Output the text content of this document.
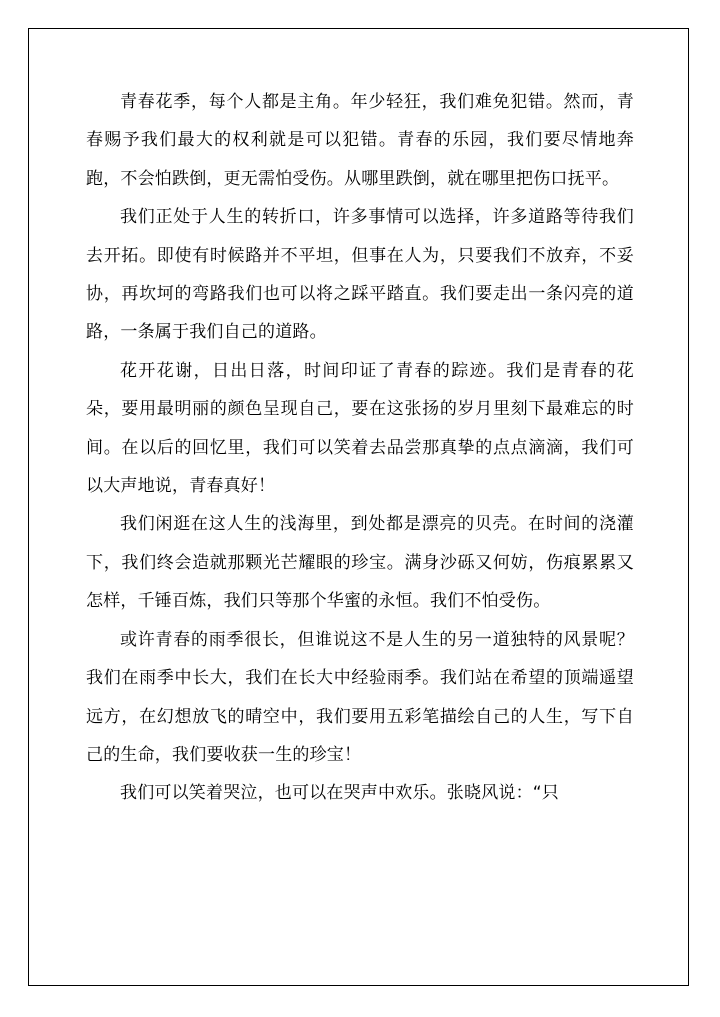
青春花季，每个人都是主角。年少轻狂，我们难免犯错。然而，青春赐予我们最大的权利就是可以犯错。青春的乐园，我们要尽情地奔跑，不会怕跌倒，更无需怕受伤。从哪里跌倒，就在哪里把伤口抚平。

我们正处于人生的转折口，许多事情可以选择，许多道路等待我们去开拓。即使有时候路并不平坦，但事在人为，只要我们不放弃，不妥协，再坎坷的弯路我们也可以将之踩平踏直。我们要走出一条闪亮的道路，一条属于我们自己的道路。

花开花谢，日出日落，时间印证了青春的踪迹。我们是青春的花朵，要用最明丽的颜色呈现自己，要在这张扬的岁月里刻下最难忘的时间。在以后的回忆里，我们可以笑着去品尝那真挚的点点滴滴，我们可以大声地说，青春真好！

我们闲逛在这人生的浅海里，到处都是漂亮的贝壳。在时间的浇灌下，我们终会造就那颗光芒耀眼的珍宝。满身沙砾又何妨，伤痕累累又怎样，千锤百炼，我们只等那个华蜜的永恒。我们不怕受伤。

或许青春的雨季很长，但谁说这不是人生的另一道独特的风景呢？我们在雨季中长大，我们在长大中经验雨季。我们站在希望的顶端遥望远方，在幻想放飞的晴空中，我们要用五彩笔描绘自己的人生，写下自己的生命，我们要收获一生的珍宝！

我们可以笑着哭泣，也可以在哭声中欢乐。张晓风说：“只
